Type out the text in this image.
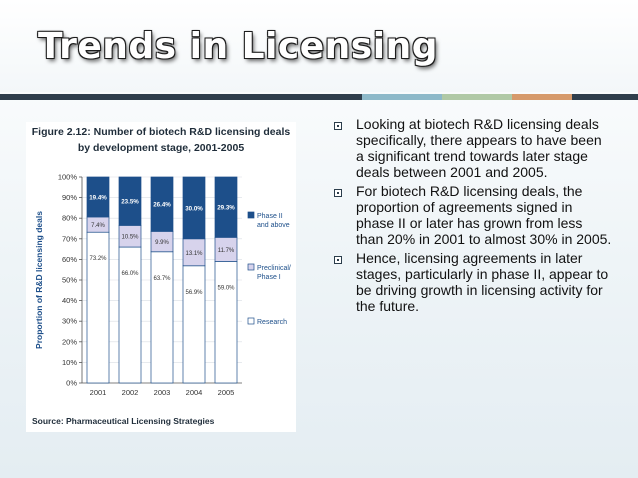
Trends in Licensing
Figure 2.12: Number of biotech R&D licensing deals
by development stage, 2001-2005
0%
10%
20%
30%
40%
50%
60%
70%
80%
90%
100%
Proportion of R&D licensing deals	73.2%
7.4%
19.4%
2001
66.0%
10.5%
23.5%
2002
63.7%
9.9%
26.4%
2003
56.9%
13.1%
30.0%
2004
59.0%
11.7%
29.3%
2005
Phase II
and above
Preclinical/
Phase I
Research
Source: Pharmaceutical Licensing Strategies
Looking at biotech R&D licensing deals specifically, there appears to have been a significant trend towards later stage deals between 2001 and 2005.
For biotech R&D licensing deals, the proportion of agreements signed in phase II or later has grown from less than 20% in 2001 to almost 30% in 2005.
Hence, licensing agreements in later stages, particularly in phase II, appear to be driving growth in licensing activity for the future.
